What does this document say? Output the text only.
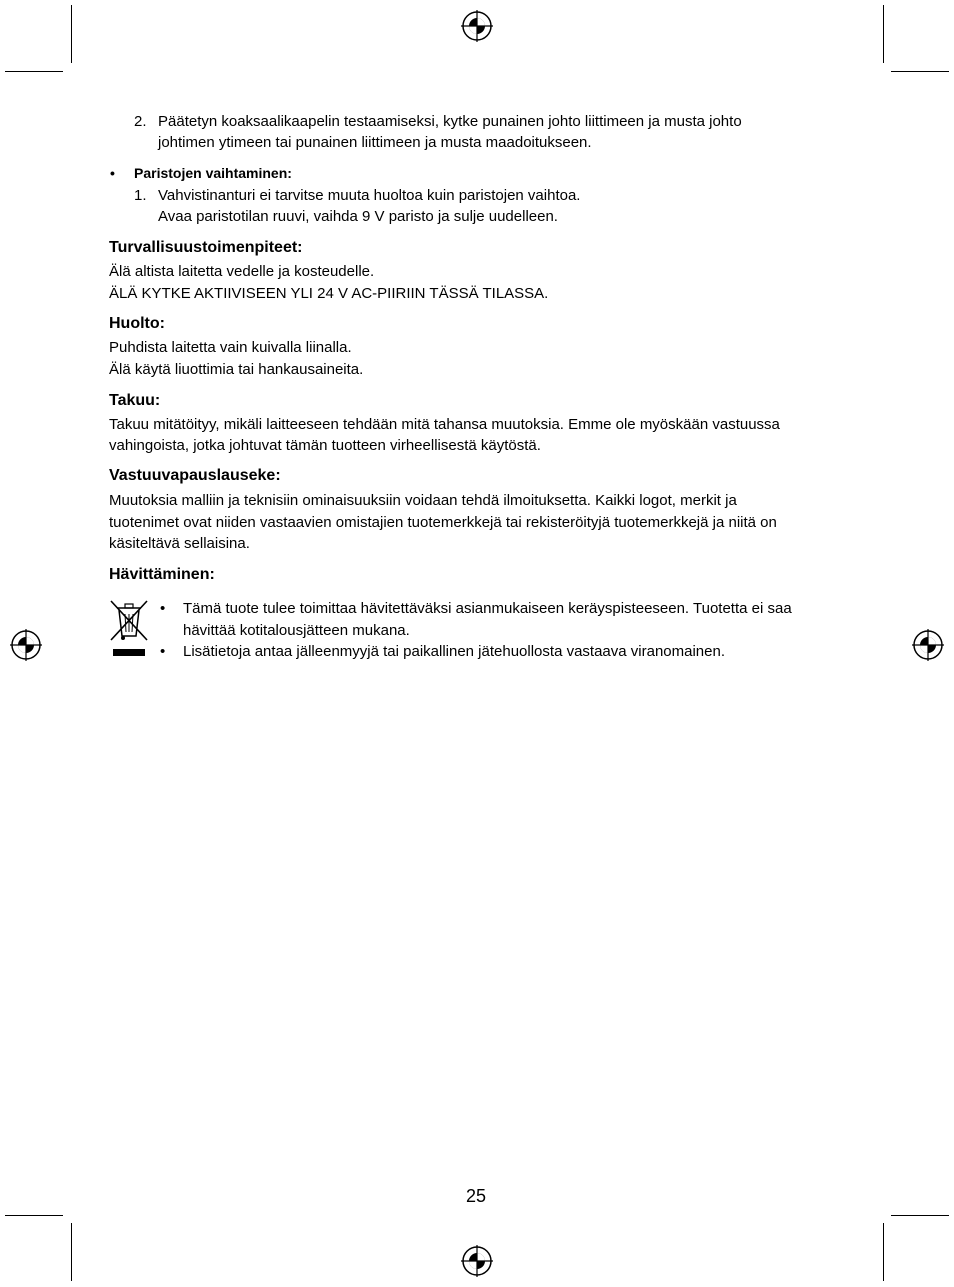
2. Päätetyn koaksaalikaapelin testaamiseksi, kytke punainen johto liittimeen ja musta johto
johtimen ytimeen tai punainen liittimeen ja musta maadoitukseen.
• Paristojen vaihtaminen:
1. Vahvistinanturi ei tarvitse muuta huoltoa kuin paristojen vaihtoa.
Avaa paristotilan ruuvi, vaihda 9 V paristo ja sulje uudelleen.
Turvallisuustoimenpiteet:
Älä altista laitetta vedelle ja kosteudelle.
ÄLÄ KYTKE AKTIIVISEEN YLI 24 V AC-PIIRIIN TÄSSÄ TILASSA.
Huolto:
Puhdista laitetta vain kuivalla liinalla.
Älä käytä liuottimia tai hankausaineita.
Takuu:
Takuu mitätöityy, mikäli laitteeseen tehdään mitä tahansa muutoksia. Emme ole myöskään vastuussa
vahingoista, jotka johtuvat tämän tuotteen virheellisestä käytöstä.
Vastuuvapauslauseke:
Muutoksia malliin ja teknisiin ominaisuuksiin voidaan tehdä ilmoituksetta. Kaikki logot, merkit ja
tuotenimet ovat niiden vastaavien omistajien tuotemerkkejä tai rekisteröityjä tuotemerkkejä ja niitä on
käsiteltävä sellaisina.
Hävittäminen:
• Tämä tuote tulee toimittaa hävitettäväksi asianmukaiseen keräyspisteeseen. Tuotetta ei saa
hävittää kotitalousjätteen mukana.
• Lisätietoja antaa jälleenmyyjä tai paikallinen jätehuollosta vastaava viranomainen.
25
